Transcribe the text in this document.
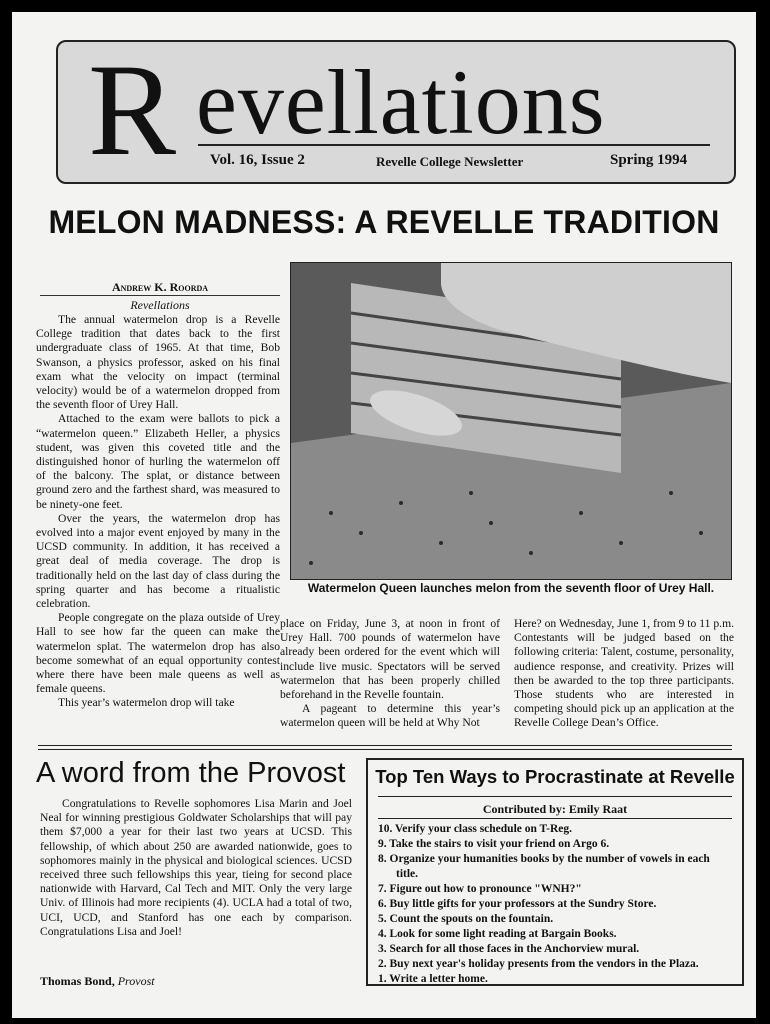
R evellations
Vol. 16, Issue 2	Revelle College Newsletter	Spring 1994
MELON MADNESS: A REVELLE TRADITION
Andrew K. Roorda
Revellations

The annual watermelon drop is a Revelle College tradition that dates back to the first undergraduate class of 1965. At that time, Bob Swanson, a physics professor, asked on his final exam what the velocity on impact (terminal velocity) would be of a watermelon dropped from the seventh floor of Urey Hall.

Attached to the exam were ballots to pick a “watermelon queen.” Elizabeth Heller, a physics student, was given this coveted title and the distinguished honor of hurling the watermelon off of the balcony. The splat, or distance between ground zero and the farthest shard, was measured to be ninety-one feet.

Over the years, the watermelon drop has evolved into a major event enjoyed by many in the UCSD community. In addition, it has received a great deal of media coverage. The drop is traditionally held on the last day of class during the spring quarter and has become a ritualistic celebration.

People congregate on the plaza outside of Urey Hall to see how far the queen can make the watermelon splat. The watermelon drop has also become somewhat of an equal opportunity contest where there have been male queens as well as female queens.

This year’s watermelon drop will take

Watermelon Queen launches melon from the seventh floor of Urey Hall.

place on Friday, June 3, at noon in front of Urey Hall. 700 pounds of watermelon have already been ordered for the event which will include live music. Spectators will be served watermelon that has been properly chilled beforehand in the Revelle fountain.

A pageant to determine this year’s watermelon queen will be held at Why Not

Here? on Wednesday, June 1, from 9 to 11 p.m. Contestants will be judged based on the following criteria: Talent, costume, personality, audience response, and creativity. Prizes will then be awarded to the top three participants. Those students who are interested in competing should pick up an application at the Revelle College Dean’s Office.

A word from the Provost

Congratulations to Revelle sophomores Lisa Marin and Joel Neal for winning prestigious Goldwater Scholarships that will pay them $7,000 a year for their last two years at UCSD. This fellowship, of which about 250 are awarded nationwide, goes to sophomores mainly in the physical and biological sciences. UCSD received three such fellowships this year, tieing for second place nationwide with Harvard, Cal Tech and MIT. Only the very large Univ. of Illinois had more recipients (4). UCLA had a total of two, UCI, UCD, and Stanford has one each by comparison. Congratulations Lisa and Joel!

Thomas Bond, Provost
Top Ten Ways to Procrastinate at Revelle
Contributed by: Emily Raat
10. Verify your class schedule on T-Reg.
9. Take the stairs to visit your friend on Argo 6.
8. Organize your humanities books by the number of vowels in each title.
7. Figure out how to pronounce "WNH?"
6. Buy little gifts for your professors at the Sundry Store.
5. Count the spouts on the fountain.
4. Look for some light reading at Bargain Books.
3. Search for all those faces in the Anchorview mural.
2. Buy next year's holiday presents from the vendors in the Plaza.
1. Write a letter home.
